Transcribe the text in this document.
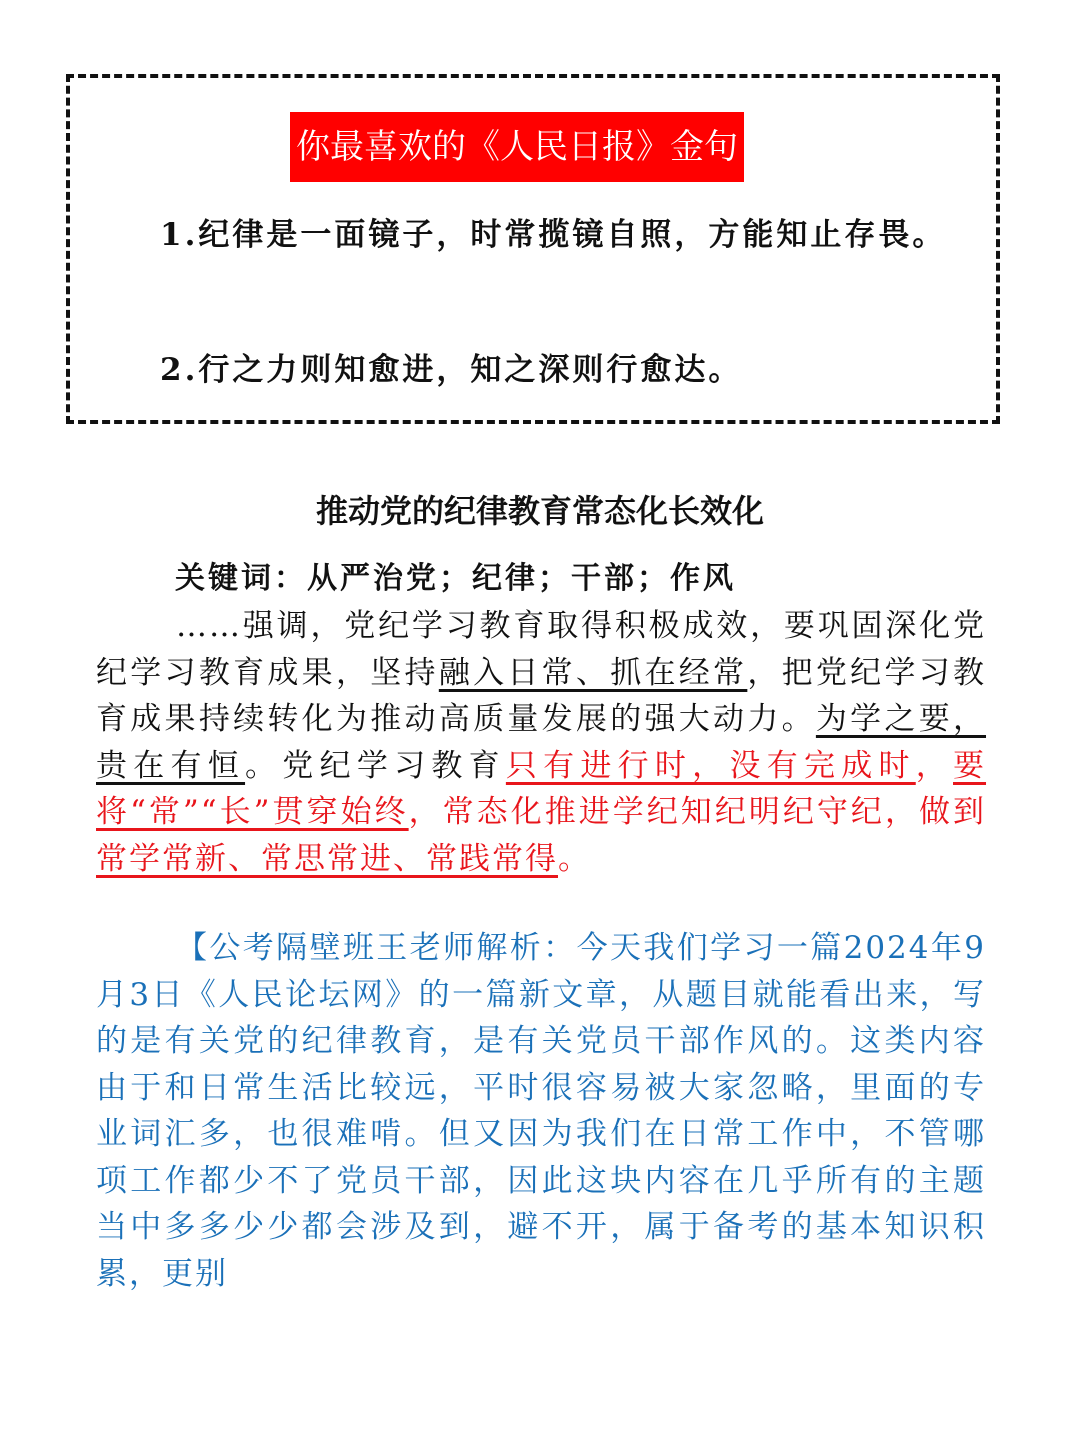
你最喜欢的《人民日报》金句
1.纪律是一面镜子，时常揽镜自照，方能知止存畏。
2.行之力则知愈进，知之深则行愈达。
推动党的纪律教育常态化长效化
关键词：从严治党；纪律；干部；作风
……强调，党纪学习教育取得积极成效，要巩固深化党纪学习教育成果，坚持融入日常、抓在经常，把党纪学习教育成果持续转化为推动高质量发展的强大动力。为学之要，贵在有恒。党纪学习教育只有进行时，没有完成时，要将“常”“长”贯穿始终，常态化推进学纪知纪明纪守纪，做到常学常新、常思常进、常践常得。
【公考隔壁班王老师解析：今天我们学习一篇2024年9月3日《人民论坛网》的一篇新文章，从题目就能看出来，写的是有关党的纪律教育，是有关党员干部作风的。这类内容由于和日常生活比较远，平时很容易被大家忽略，里面的专业词汇多，也很难啃。但又因为我们在日常工作中，不管哪项工作都少不了党员干部，因此这块内容在几乎所有的主题当中多多少少都会涉及到，避不开，属于备考的基本知识积累，更别
